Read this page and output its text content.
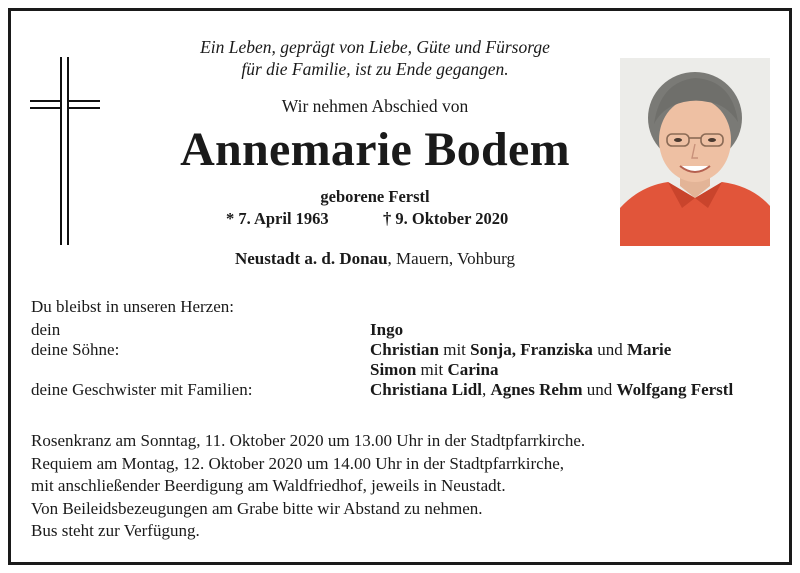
Ein Leben, geprägt von Liebe, Güte und Fürsorge
für die Familie, ist zu Ende gegangen.
Wir nehmen Abschied von
Annemarie Bodem
geborene Ferstl
* 7. April 1963	† 9. Oktober 2020
Neustadt a. d. Donau, Mauern, Vohburg
Du bleibst in unseren Herzen:
dein	Ingo
deine Söhne:	Christian mit Sonja, Franziska und Marie
Simon mit Carina
deine Geschwister mit Familien:	Christiana Lidl, Agnes Rehm und Wolfgang Ferstl
Rosenkranz am Sonntag, 11. Oktober 2020 um 13.00 Uhr in der Stadtpfarrkirche.
Requiem am Montag, 12. Oktober 2020 um 14.00 Uhr in der Stadtpfarrkirche,
mit anschließender Beerdigung am Waldfriedhof, jeweils in Neustadt.
Von Beileidsbezeugungen am Grabe bitte wir Abstand zu nehmen.
Bus steht zur Verfügung.
